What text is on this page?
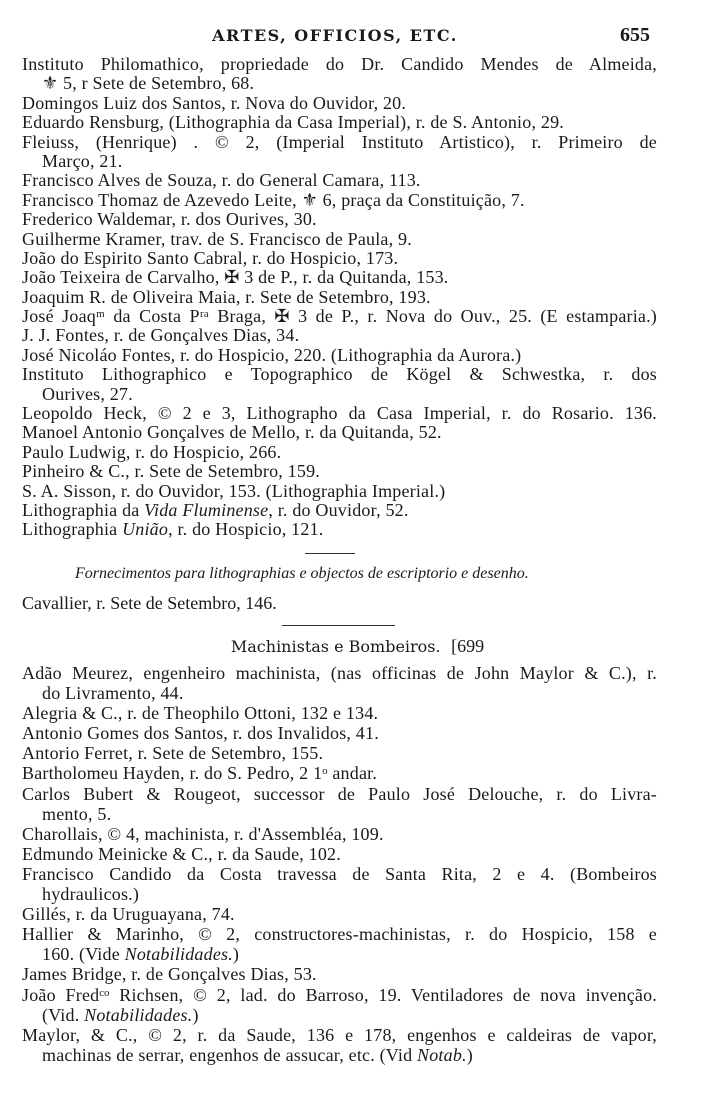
ARTES, OFFICIOS, ETC.	655
Instituto Philomathico, propriedade do Dr. Candido Mendes de Almeida,
⚜ 5, r Sete de Setembro, 68.
Domingos Luiz dos Santos, r. Nova do Ouvidor, 20.
Eduardo Rensburg, (Lithographia da Casa Imperial), r. de S. Antonio, 29.
Fleiuss, (Henrique) . © 2, (Imperial Instituto Artistico), r. Primeiro de
Março, 21.
Francisco Alves de Souza, r. do General Camara, 113.
Francisco Thomaz de Azevedo Leite, ⚜ 6, praça da Constituição, 7.
Frederico Waldemar, r. dos Ourives, 30.
Guilherme Kramer, trav. de S. Francisco de Paula, 9.
João do Espirito Santo Cabral, r. do Hospicio, 173.
João Teixeira de Carvalho, ✠ 3 de P., r. da Quitanda, 153.
Joaquim R. de Oliveira Maia, r. Sete de Setembro, 193.
José Joaqᵐ da Costa Pʳᵃ Braga, ✠ 3 de P., r. Nova do Ouv., 25. (E estamparia.)
J. J. Fontes, r. de Gonçalves Dias, 34.
José Nicoláo Fontes, r. do Hospicio, 220. (Lithographia da Aurora.)
Instituto Lithographico e Topographico de Kögel & Schwestka, r. dos
Ourives, 27.
Leopoldo Heck, © 2 e 3, Lithographo da Casa Imperial, r. do Rosario. 136.
Manoel Antonio Gonçalves de Mello, r. da Quitanda, 52.
Paulo Ludwig, r. do Hospicio, 266.
Pinheiro & C., r. Sete de Setembro, 159.
S. A. Sisson, r. do Ouvidor, 153. (Lithographia Imperial.)
Lithographia da Vida Fluminense, r. do Ouvidor, 52.
Lithographia União, r. do Hospicio, 121.
Fornecimentos para lithographias e objectos de escriptorio e desenho.
Cavallier, r. Sete de Setembro, 146.
Machinistas e Bombeiros. [699
Adão Meurez, engenheiro machinista, (nas officinas de John Maylor & C.), r.
do Livramento, 44.
Alegria & C., r. de Theophilo Ottoni, 132 e 134.
Antonio Gomes dos Santos, r. dos Invalidos, 41.
Antorio Ferret, r. Sete de Setembro, 155.
Bartholomeu Hayden, r. do S. Pedro, 2 1ᵒ andar.
Carlos Bubert & Rougeot, successor de Paulo José Delouche, r. do Livra-
mento, 5.
Charollais, © 4, machinista, r. d'Assembléa, 109.
Edmundo Meinicke & C., r. da Saude, 102.
Francisco Candido da Costa travessa de Santa Rita, 2 e 4. (Bombeiros
hydraulicos.)
Gillés, r. da Uruguayana, 74.
Hallier & Marinho, © 2, constructores-machinistas, r. do Hospicio, 158 e
160. (Vide Notabilidades.)
James Bridge, r. de Gonçalves Dias, 53.
João Fredᶜᵒ Richsen, © 2, lad. do Barroso, 19. Ventiladores de nova invenção.
(Vid. Notabilidades.)
Maylor, & C., © 2, r. da Saude, 136 e 178, engenhos e caldeiras de vapor,
machinas de serrar, engenhos de assucar, etc. (Vid Notab.)
